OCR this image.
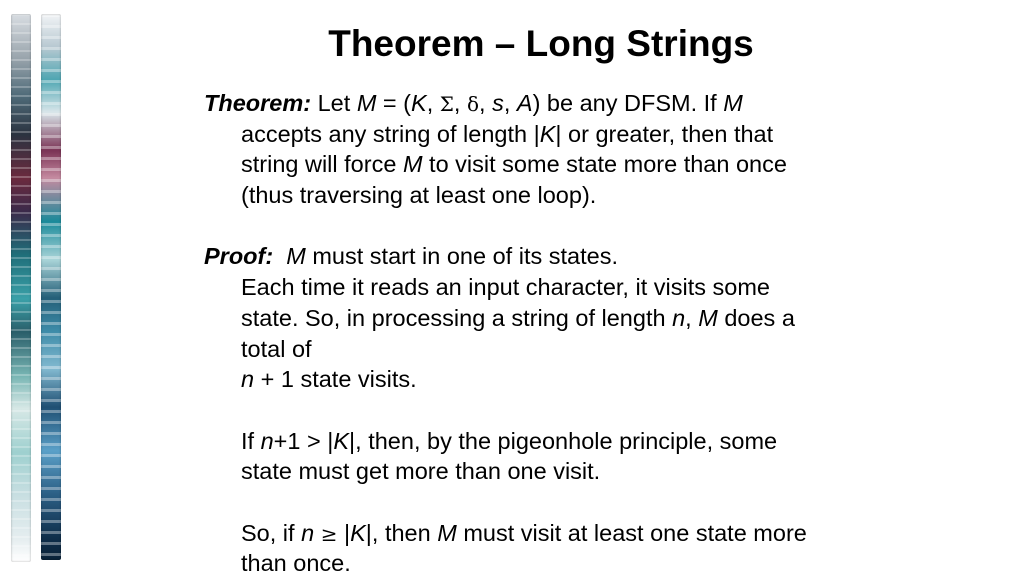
Theorem – Long Strings
Theorem: Let M = (K, Σ, δ, s, A) be any DFSM. If M
accepts any string of length |K| or greater, then that
string will force M to visit some state more than once
(thus traversing at least one loop).
Proof: M must start in one of its states.
Each time it reads an input character, it visits some
state. So, in processing a string of length n, M does a
total of
n + 1 state visits.
If n+1 > |K|, then, by the pigeonhole principle, some
state must get more than one visit.
So, if n ≥ |K|, then M must visit at least one state more
than once.
